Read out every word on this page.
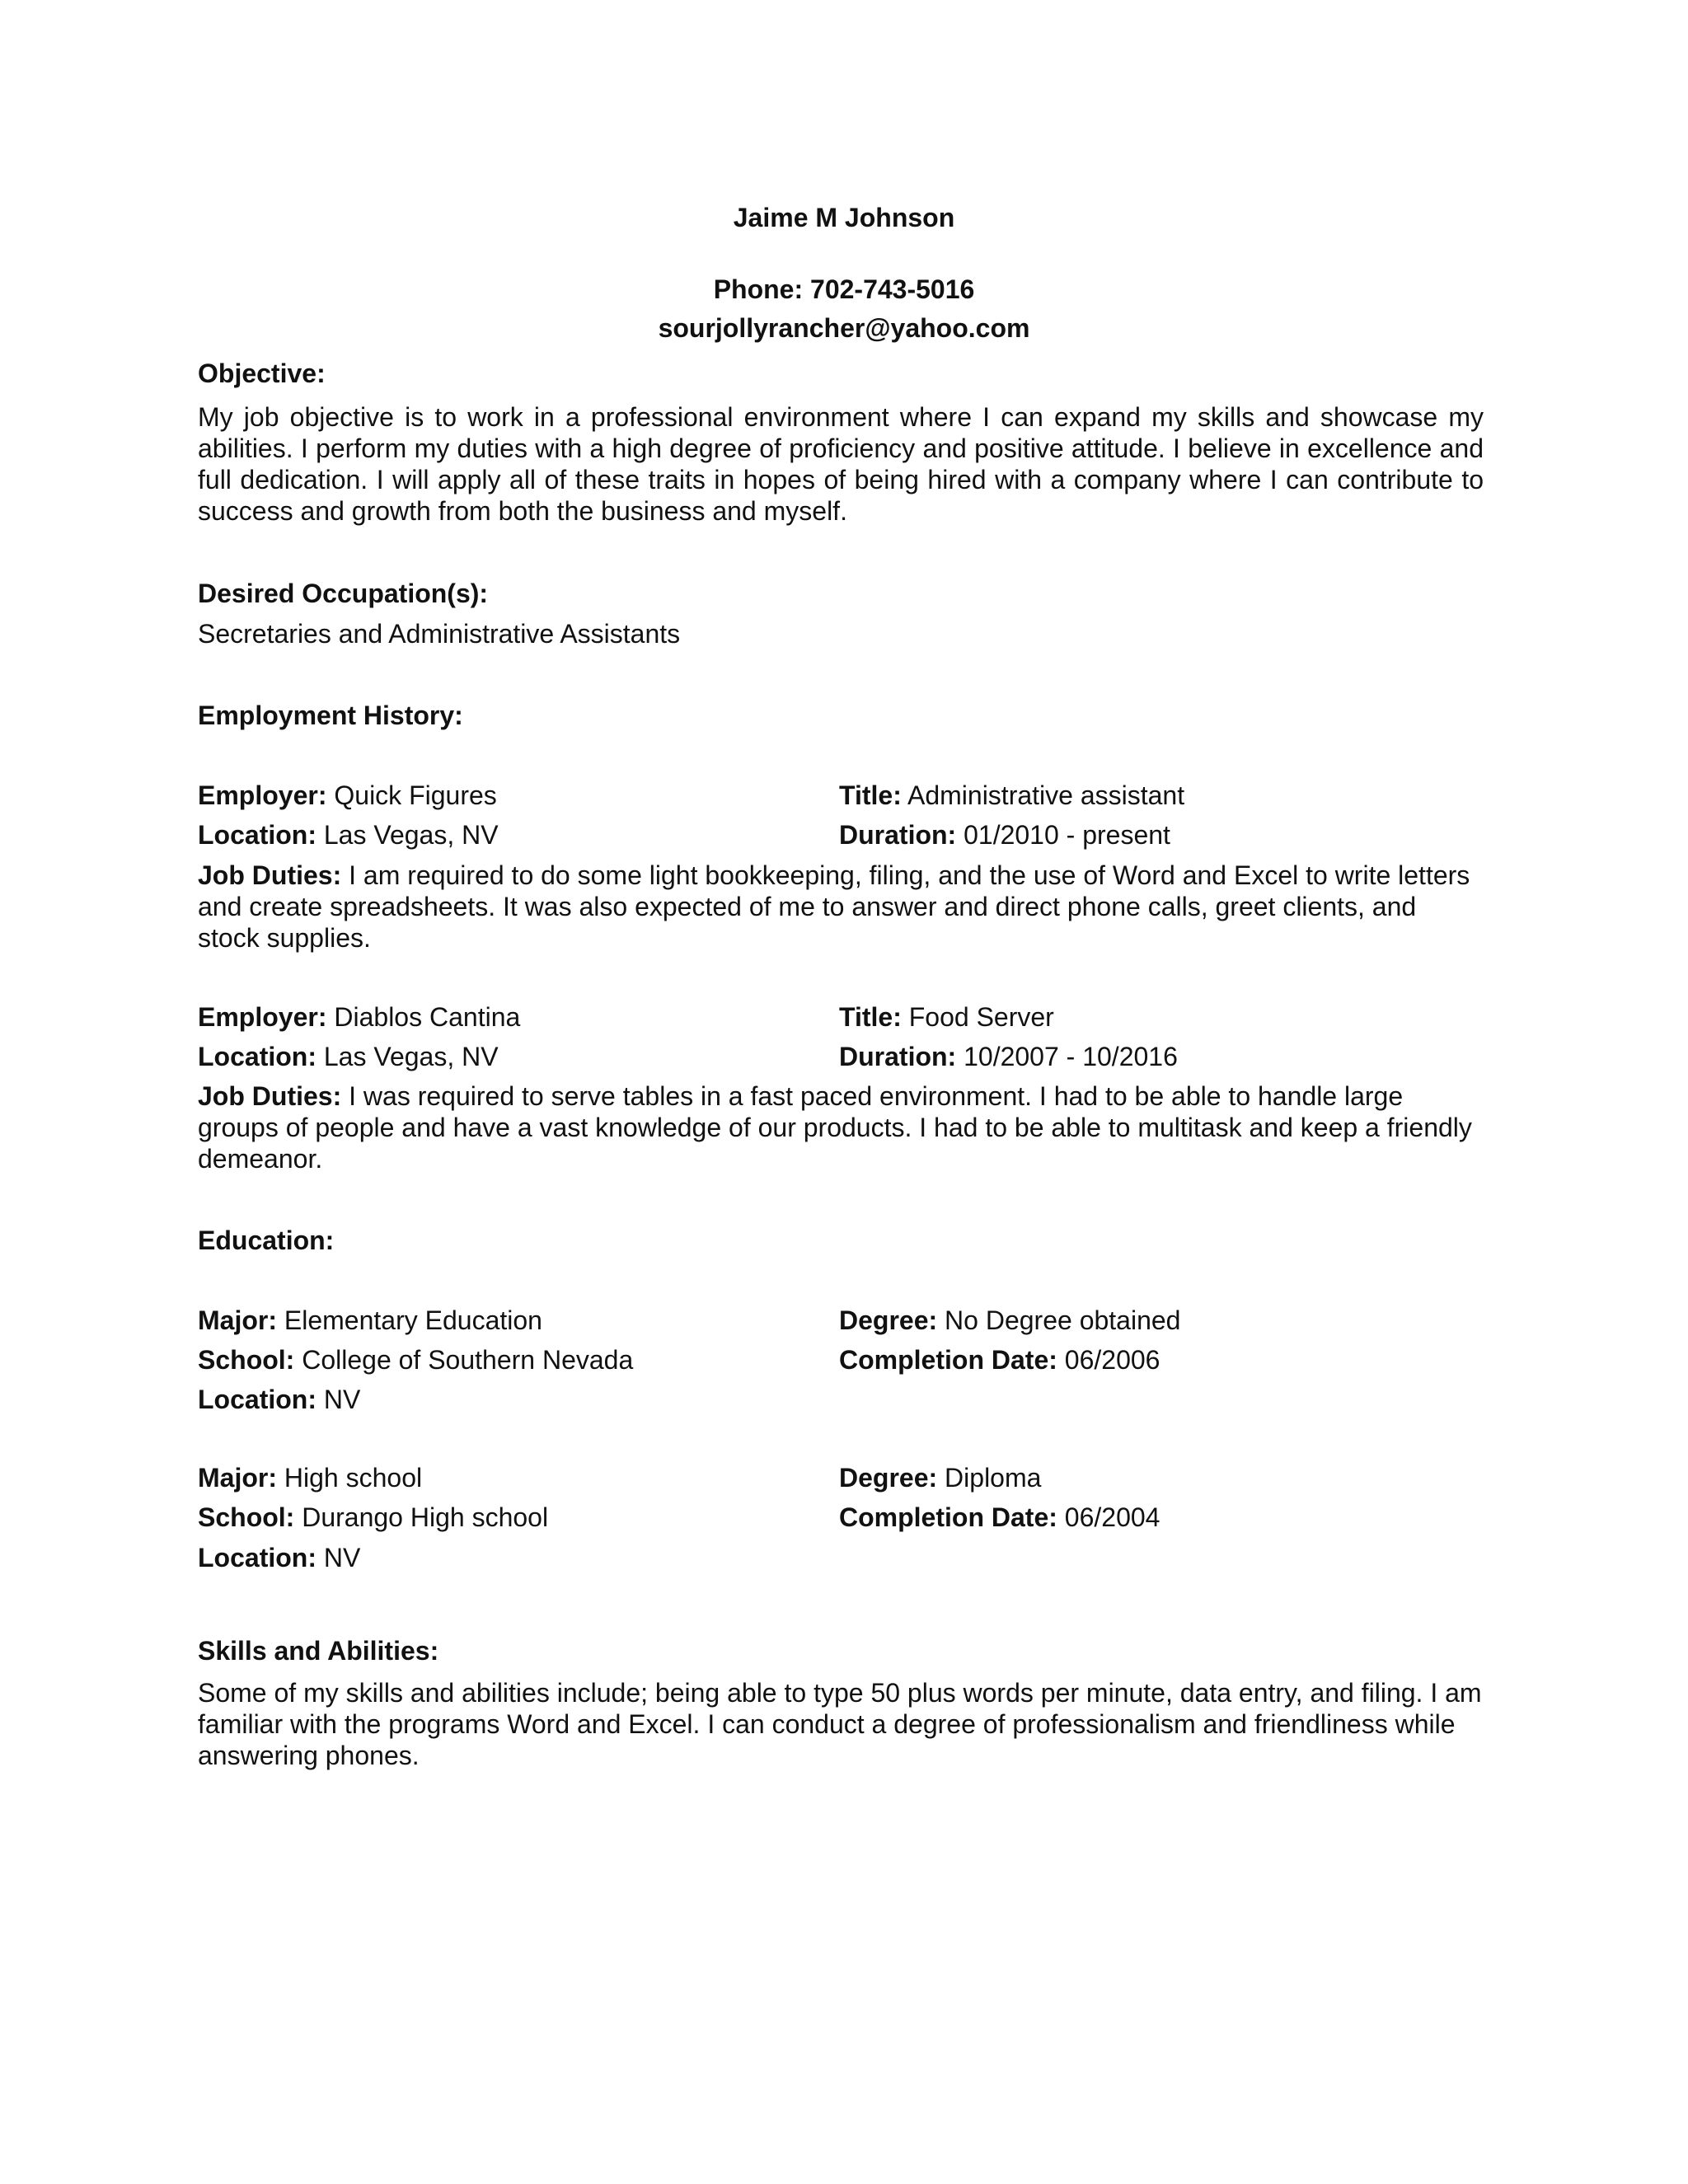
Jaime M Johnson
Phone: 702-743-5016
sourjollyrancher@yahoo.com
Objective:
My job objective is to work in a professional environment where I can expand my skills and showcase my abilities. I perform my duties with a high degree of proficiency and positive attitude. I believe in excellence and full dedication. I will apply all of these traits in hopes of being hired with a company where I can contribute to success and growth from both the business and myself.
Desired Occupation(s):
Secretaries and Administrative Assistants
Employment History:
Employer: Quick Figures	Title: Administrative assistant
Location: Las Vegas, NV	Duration: 01/2010 - present
Job Duties: I am required to do some light bookkeeping, filing, and the use of Word and Excel to write letters and create spreadsheets. It was also expected of me to answer and direct phone calls, greet clients, and stock supplies.
Employer: Diablos Cantina	Title: Food Server
Location: Las Vegas, NV	Duration: 10/2007 - 10/2016
Job Duties: I was required to serve tables in a fast paced environment. I had to be able to handle large groups of people and have a vast knowledge of our products. I had to be able to multitask and keep a friendly demeanor.
Education:
Major: Elementary Education	Degree: No Degree obtained
School: College of Southern Nevada	Completion Date: 06/2006
Location: NV
Major: High school	Degree: Diploma
School: Durango High school	Completion Date: 06/2004
Location: NV
Skills and Abilities:
Some of my skills and abilities include; being able to type 50 plus words per minute, data entry, and filing. I am familiar with the programs Word and Excel. I can conduct a degree of professionalism and friendliness while answering phones.
